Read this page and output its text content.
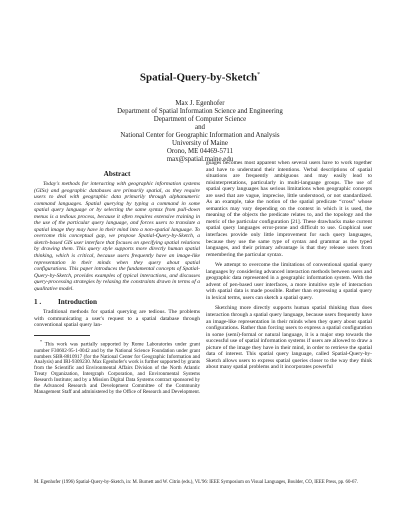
Spatial-Query-by-Sketch*
Max J. Egenhofer
Department of Spatial Information Science and Engineering
Department of Computer Science
and
National Center for Geographic Information and Analysis
University of Maine
Orono, ME 04469-5711
max@spatial.maine.edu
Abstract

Today's methods for interacting with geographic information systems (GISs) and geographic databases are primarily spatial, as they require users to deal with geographic data primarily through alphanumeric command languages. Spatial querying by typing a command in some spatial query language or by selecting the same syntax from pull-down menus is a tedious process, because it often requires extensive training in the use of the particular query language, and forces users to translate a spatial image they may have in their mind into a non-spatial language. To overcome this conceptual gap, we propose Spatial-Query-by-Sketch, a sketch-based GIS user interface that focuses on specifying spatial relations by drawing them. This query style supports more directly human spatial thinking, which is critical, because users frequently have an image-like representation in their minds when they query about spatial configurations. This paper introduces the fundamental concepts of Spatial-Query-by-Sketch, provides examples of typical interactions, and discusses query-processing strategies by relaxing the constraints drawn in terms of a qualitative model.

1 . Introduction

Traditional methods for spatial querying are tedious. The problems with communicating a user's request to a spatial database through conventional spatial query lan-

* This work was partially supported by Rome Laboratories under grant number F30602-95-1-0042 and by the National Science Foundation under grant numbers SBR-8810917 (for the National Center for Geographic Information and Analysis) and IRI-9309230. Max Egenhofer's work is further supported by grants from the Scientific and Environmental Affairs Division of the North Atlantic Treaty Organization, Intergraph Corporation, and Environmental Systems Research Institute; and by a Mission Digital Data Systems contract sponsored by the Advanced Research and Development Committee of the Community Management Staff and administered by the Office of Research and Development.

guages becomes most apparent when several users have to work together and have to understand their intentions. Verbal descriptions of spatial situations are frequently ambiguous and may easily lead to misinterpretations, particularly in multi-language groups. The use of spatial query languages has serious limitations when geographic concepts are used that are vague, imprecise, little understood, or not standardized. As an example, take the notion of the spatial predicate “cross” whose semantics may vary depending on the context in which it is used, the meaning of the objects the predicate relates to, and the topology and the metric of the particular configuration [21]. These drawbacks make current spatial query languages error-prone and difficult to use. Graphical user interfaces provide only little improvement for such query languages, because they use the same type of syntax and grammar as the typed languages, and their primary advantage is that they release users from remembering the particular syntax.

We attempt to overcome the limitations of conventional spatial query languages by considering advanced interaction methods between users and geographic data represented in a geographic information system. With the advent of pen-based user interfaces, a more intuitive style of interaction with spatial data is made possible. Rather than expressing a spatial query in lexical terms, users can sketch a spatial query.

Sketching more directly supports human spatial thinking than does interaction through a spatial query language, because users frequently have an image-like representation in their minds when they query about spatial configurations. Rather than forcing users to express a spatial configuration in some (semi)-formal or natural language, it is a major step towards the successful use of spatial information systems if users are allowed to draw a picture of the image they have in their mind, in order to retrieve the spatial data of interest. This spatial query language, called Spatial-Query-by-Sketch allows users to express spatial queries closer to the way they think about many spatial problems and it incorporates powerful

M. Egenhofer (1996) Spatial-Query-by-Sketch, in: M. Burnett and W. Citrin (eds.), VL'96: IEEE Symposium on Visual Languages, Boulder, CO, IEEE Press, pp. 60-67.
